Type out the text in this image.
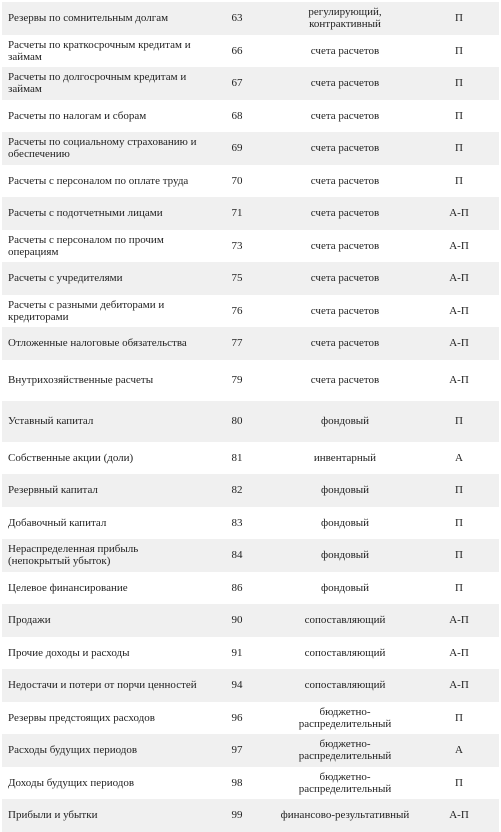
Резервы по сомнительным долгам	63	регулирующий, контрактивный	П
Расчеты по краткосрочным кредитам и займам	66	счета расчетов	П
Расчеты по долгосрочным кредитам и займам	67	счета расчетов	П
Расчеты по налогам и сборам	68	счета расчетов	П
Расчеты по социальному страхованию и обеспечению	69	счета расчетов	П
Расчеты с персоналом по оплате труда	70	счета расчетов	П
Расчеты с подотчетными лицами	71	счета расчетов	А-П
Расчеты с персоналом по прочим операциям	73	счета расчетов	А-П
Расчеты с учредителями	75	счета расчетов	А-П
Расчеты с разными дебиторами и кредиторами	76	счета расчетов	А-П
Отложенные налоговые обязательства	77	счета расчетов	А-П
Внутрихозяйственные расчеты	79	счета расчетов	А-П
Уставный капитал	80	фондовый	П
Собственные акции (доли)	81	инвентарный	А
Резервный капитал	82	фондовый	П
Добавочный капитал	83	фондовый	П
Нераспределенная прибыль (непокрытый убыток)	84	фондовый	П
Целевое финансирование	86	фондовый	П
Продажи	90	сопоставляющий	А-П
Прочие доходы и расходы	91	сопоставляющий	А-П
Недостачи и потери от порчи ценностей	94	сопоставляющий	А-П
Резервы предстоящих расходов	96	бюджетно-распределительный	П
Расходы будущих периодов	97	бюджетно-распределительный	А
Доходы будущих периодов	98	бюджетно-распределительный	П
Прибыли и убытки	99	финансово-результативный	А-П
